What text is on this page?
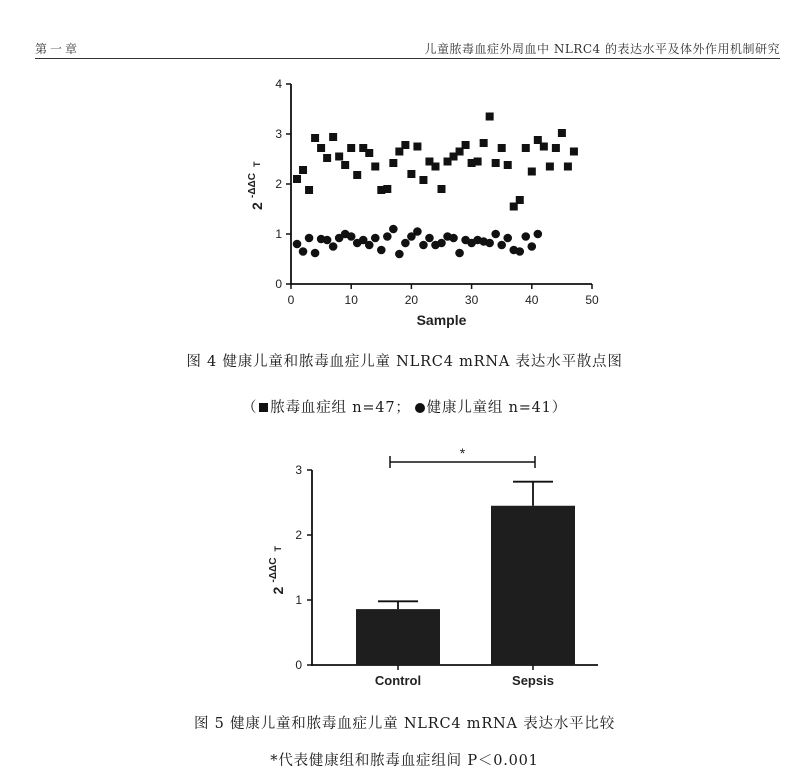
第一章	儿童脓毒血症外周血中 NLRC4 的表达水平及体外作用机制研究
0
1
2
3
4
0	10	20	30	40	50
Sample
2
-ΔΔC
T
图 4 健康儿童和脓毒血症儿童 NLRC4 mRNA 表达水平散点图
（ 脓毒血症组 n=47； 健康儿童组 n=41）
0
1
2
3
Control	Sepsis
*
2
-ΔΔC
T
图 5 健康儿童和脓毒血症儿童 NLRC4 mRNA 表达水平比较
*代表健康组和脓毒血症组间 P＜0.001
